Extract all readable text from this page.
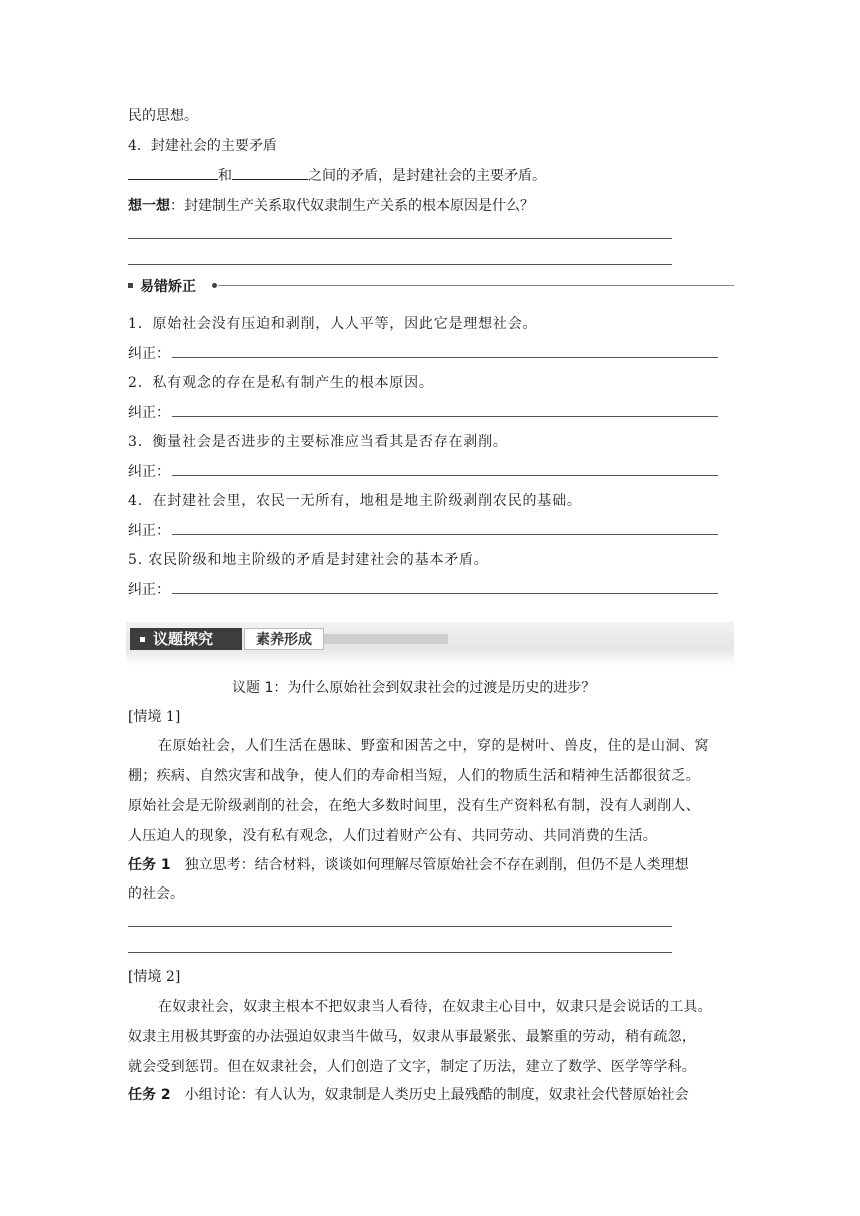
民的思想。
4．封建社会的主要矛盾
和	之间的矛盾，是封建社会的主要矛盾。
想一想：封建制生产关系取代奴隶制生产关系的根本原因是什么？
易错矫正
1．原始社会没有压迫和剥削，人人平等，因此它是理想社会。
纠正：
2．私有观念的存在是私有制产生的根本原因。
纠正：
3．衡量社会是否进步的主要标准应当看其是否存在剥削。
纠正：
4．在封建社会里，农民一无所有，地租是地主阶级剥削农民的基础。
纠正：
5. 农民阶级和地主阶级的矛盾是封建社会的基本矛盾。
纠正：
议题探究	素养形成
议题 1：为什么原始社会到奴隶社会的过渡是历史的进步？
[情境 1]
在原始社会，人们生活在愚昧、野蛮和困苦之中，穿的是树叶、兽皮，住的是山洞、窝
棚；疾病、自然灾害和战争，使人们的寿命相当短，人们的物质生活和精神生活都很贫乏。
原始社会是无阶级剥削的社会，在绝大多数时间里，没有生产资料私有制，没有人剥削人、
人压迫人的现象，没有私有观念，人们过着财产公有、共同劳动、共同消费的生活。
任务 1 独立思考：结合材料，谈谈如何理解尽管原始社会不存在剥削，但仍不是人类理想
的社会。
[情境 2]
在奴隶社会，奴隶主根本不把奴隶当人看待，在奴隶主心目中，奴隶只是会说话的工具。
奴隶主用极其野蛮的办法强迫奴隶当牛做马，奴隶从事最紧张、最繁重的劳动，稍有疏忽，
就会受到惩罚。但在奴隶社会，人们创造了文字，制定了历法，建立了数学、医学等学科。
任务 2 小组讨论：有人认为，奴隶制是人类历史上最残酷的制度，奴隶社会代替原始社会
